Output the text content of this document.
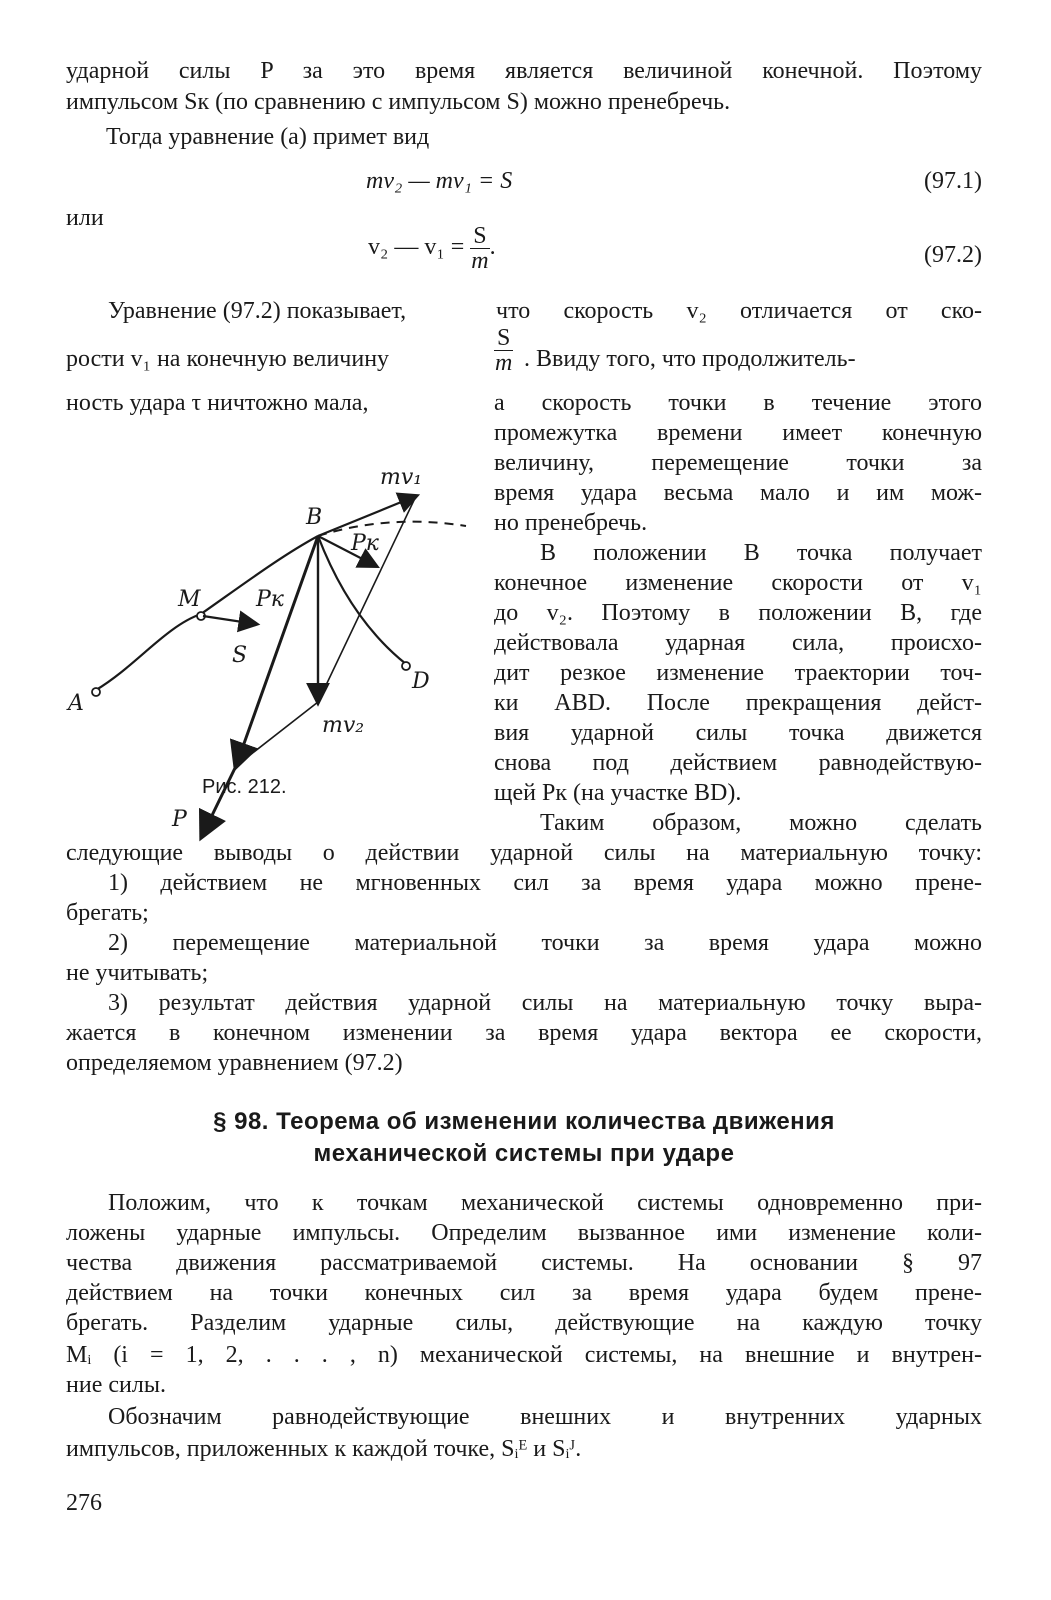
ударной силы P за это время является величиной конечной. Поэтому
импульсом Sк (по сравнению с импульсом S) можно пренебречь.
Тогда уравнение (а) примет вид
mv₂ — mv₁ = S	(97.1)
или
v₂ — $v_1 = \frac{S}{m}$ .	(97.2)
Уравнение (97.2) показывает,	что скорость v₂ отличается от ско-
рости v₁ на конечную величину	$\frac{S}{m}$ . Ввиду того, что продолжитель-
ность удара τ ничтожно мала,	а скорость точки в течение этого
промежутка времени имеет конечную
величину, перемещение точки за
время удара весьма мало и им мож-
но пренебречь.
В положении B точка получает
конечное изменение скорости от v₁
до v₂. Поэтому в положении B, где
действовала ударная сила, происхо-
дит резкое изменение траектории точ-
ки ABD. После прекращения дейст-
вия ударной силы точка движется
снова под действием равнодействую-
щей Pк (на участке BD).
Таким образом, можно сделать
A
M
B
D
Pк
Pк
S
P
mv₁
mv₂
Рис. 212.
следующие выводы о действии ударной силы на материальную точку:
1) действием не мгновенных сил за время удара можно прене-
брегать;
2) перемещение материальной точки за время удара можно
не учитывать;
3) результат действия ударной силы на материальную точку выра-
жается в конечном изменении за время удара вектора ее скорости,
определяемом уравнением (97.2)
§ 98. Теорема об изменении количества движения
механической системы при ударе
Положим, что к точкам механической системы одновременно при-
ложены ударные импульсы. Определим вызванное ими изменение коли-
чества движения рассматриваемой системы. На основании § 97
действием на точки конечных сил за время удара будем прене-
брегать. Разделим ударные силы, действующие на каждую точку
Mᵢ (i = 1, 2, . . . , n) механической системы, на внешние и внутрен-
ние силы.
Обозначим равнодействующие внешних и внутренних ударных
импульсов, приложенных к каждой точке, Sᵢᴱ и Sᵢᴶ.
276
